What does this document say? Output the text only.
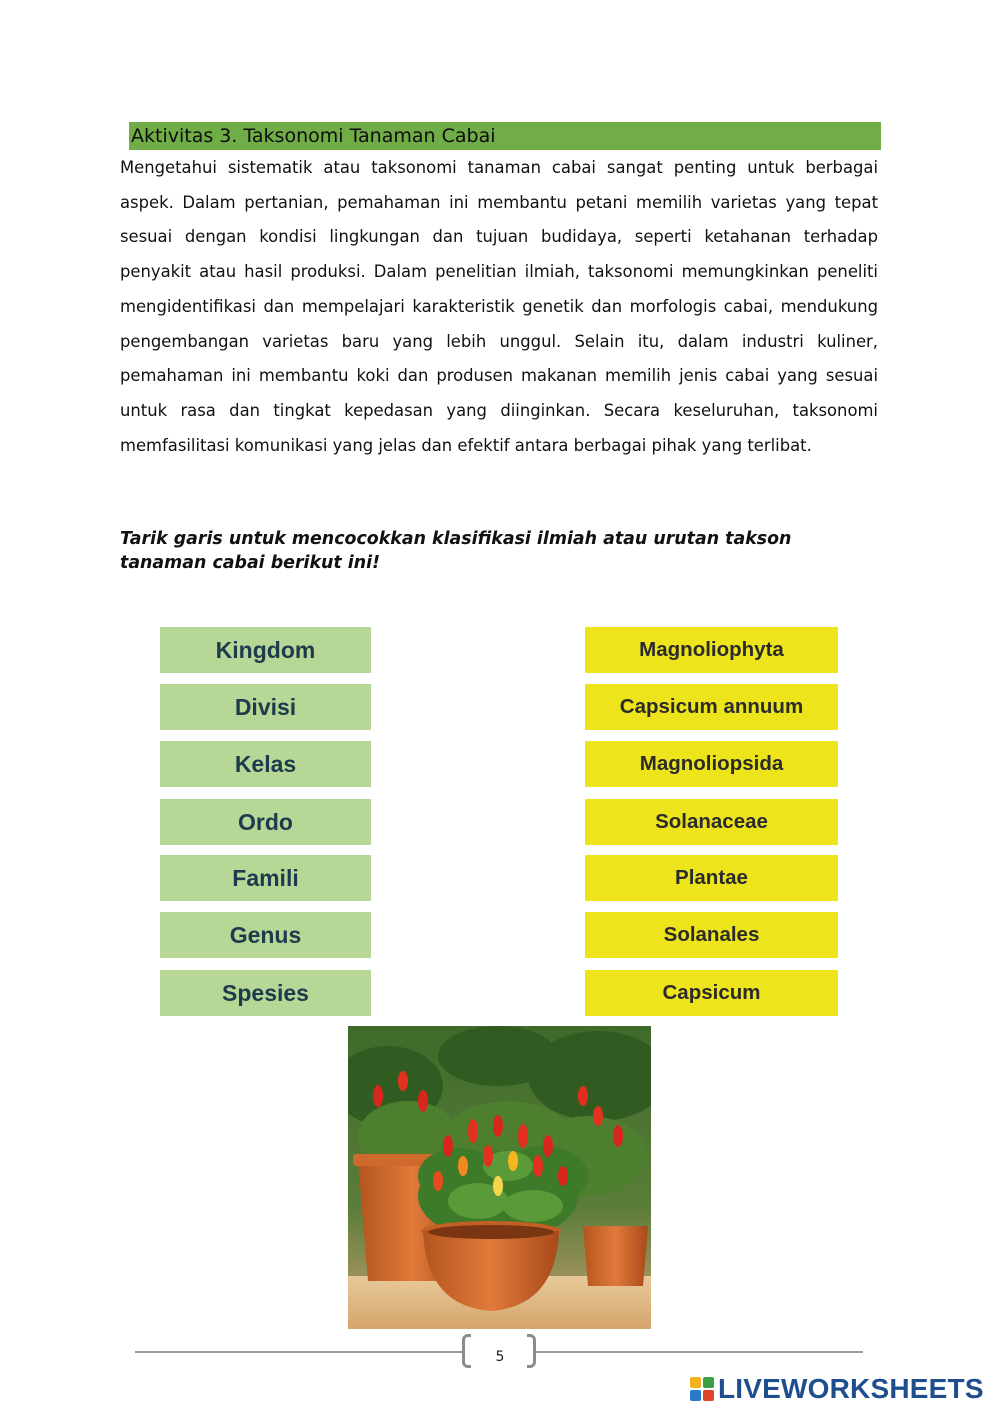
Aktivitas 3. Taksonomi Tanaman Cabai

Mengetahui sistematik atau taksonomi tanaman cabai sangat penting untuk berbagai aspek. Dalam pertanian, pemahaman ini membantu petani memilih varietas yang tepat sesuai dengan kondisi lingkungan dan tujuan budidaya, seperti ketahanan terhadap penyakit atau hasil produksi. Dalam penelitian ilmiah, taksonomi memungkinkan peneliti mengidentifikasi dan mempelajari karakteristik genetik dan morfologis cabai, mendukung pengembangan varietas baru yang lebih unggul. Selain itu, dalam industri kuliner, pemahaman ini membantu koki dan produsen makanan memilih jenis cabai yang sesuai untuk rasa dan tingkat kepedasan yang diinginkan. Secara keseluruhan, taksonomi memfasilitasi komunikasi yang jelas dan efektif antara berbagai pihak yang terlibat.

Tarik garis untuk mencocokkan klasifikasi ilmiah atau urutan takson tanaman cabai berikut ini!

Kingdom
Divisi
Kelas
Ordo
Famili
Genus
Spesies
Magnoliophyta
Capsicum annuum
Magnoliopsida
Solanaceae
Plantae
Solanales
Capsicum
5
LIVEWORKSHEETS
